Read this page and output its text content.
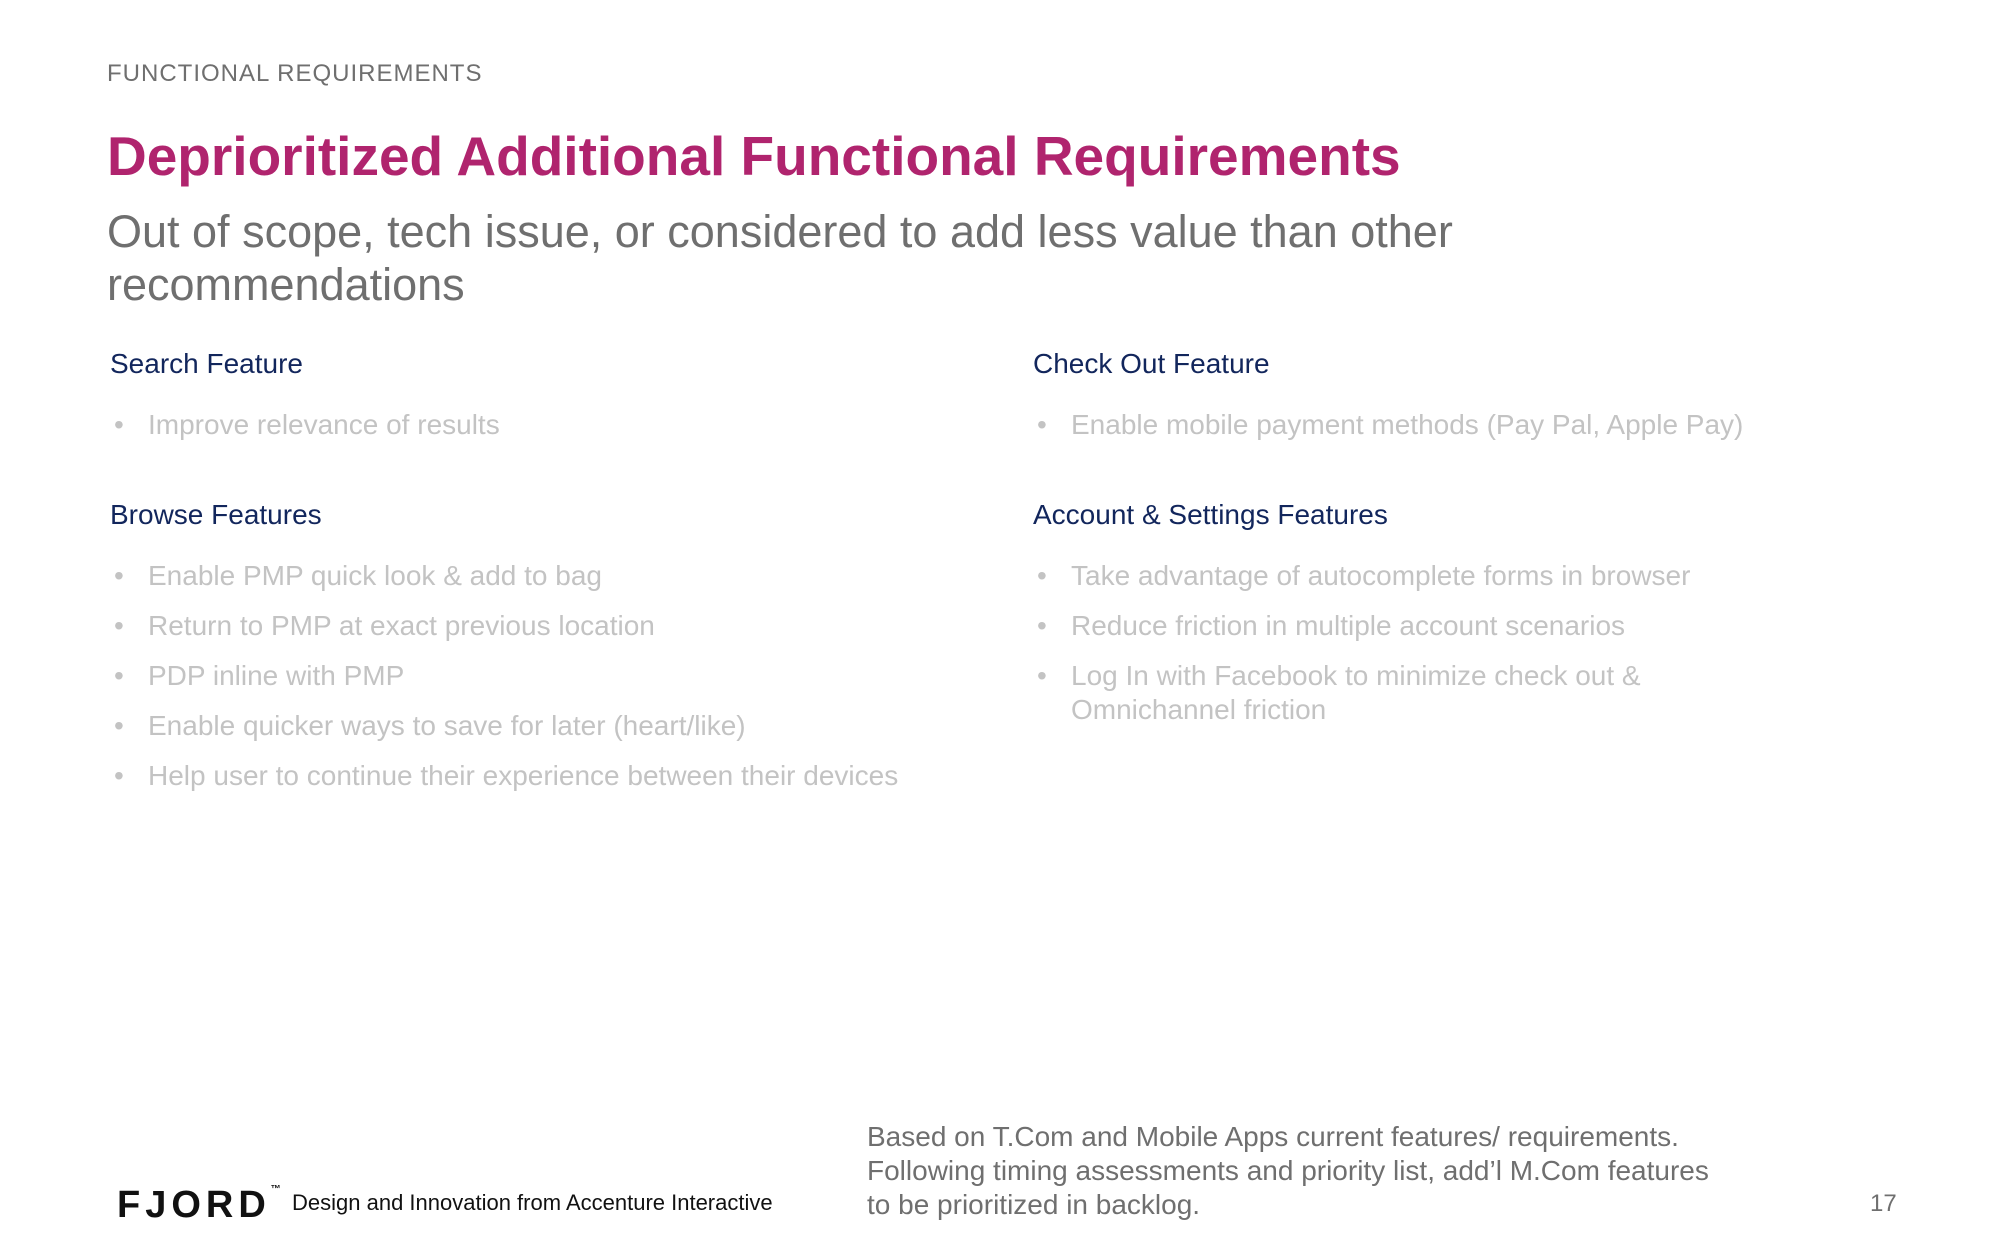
FUNCTIONAL REQUIREMENTS
Deprioritized Additional Functional Requirements
Out of scope, tech issue, or considered to add less value than other recommendations
Search Feature
• Improve relevance of results
Check Out Feature
• Enable mobile payment methods (Pay Pal, Apple Pay)
Browse Features
• Enable PMP quick look & add to bag
• Return to PMP at exact previous location
• PDP inline with PMP
• Enable quicker ways to save for later (heart/like)
• Help user to continue their experience between their devices
Account & Settings Features
• Take advantage of autocomplete forms in browser
• Reduce friction in multiple account scenarios
• Log In with Facebook to minimize check out & Omnichannel friction
FJORD™
Design and Innovation from Accenture Interactive
Based on T.Com and Mobile Apps current features/ requirements. Following timing assessments and priority list, add’l M.Com features to be prioritized in backlog.	17
